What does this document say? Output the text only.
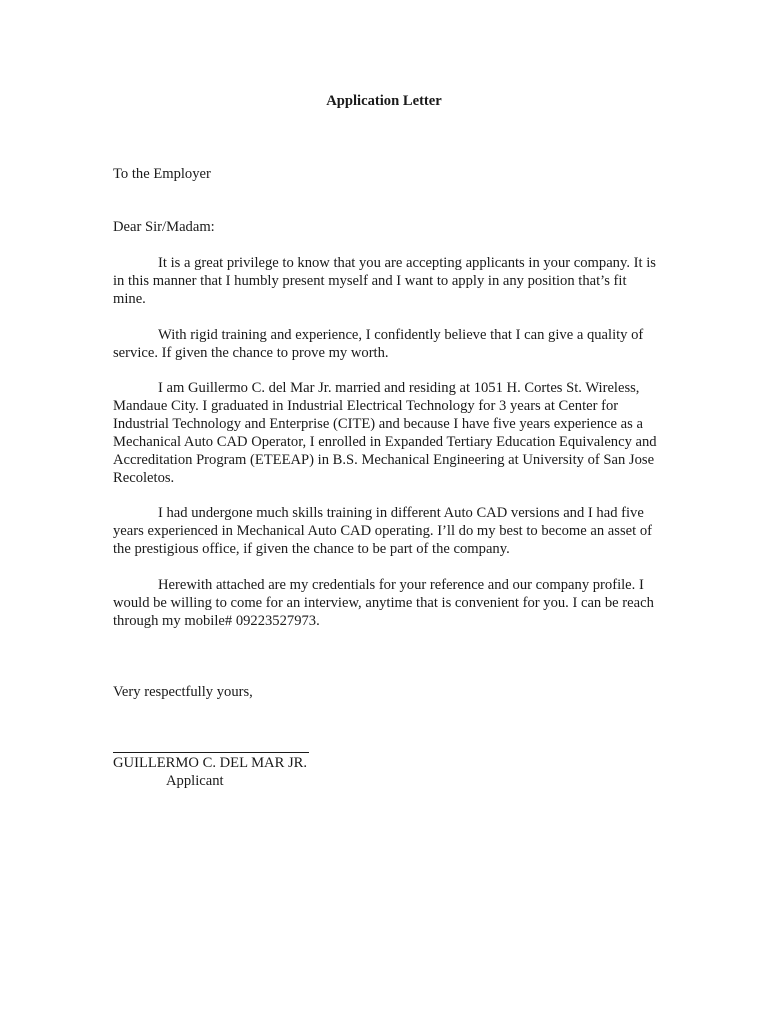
Application Letter
To the Employer
Dear Sir/Madam:
It is a great privilege to know that you are accepting applicants in your company. It is in this manner that I humbly present myself and I want to apply in any position that’s fit mine.
With rigid training and experience, I confidently believe that I can give a quality of service. If given the chance to prove my worth.
I am Guillermo C. del Mar Jr. married and residing at 1051 H. Cortes St. Wireless, Mandaue City. I graduated in Industrial Electrical Technology for 3 years at Center for Industrial Technology and Enterprise (CITE) and because I have five years experience as a Mechanical Auto CAD Operator, I enrolled in Expanded Tertiary Education Equivalency and Accreditation Program (ETEEAP) in B.S. Mechanical Engineering at University of San Jose Recoletos.
I had undergone much skills training in different Auto CAD versions and I had five years experienced in Mechanical Auto CAD operating. I’ll do my best to become an asset of the prestigious office, if given the chance to be part of the company.
Herewith attached are my credentials for your reference and our company profile. I would be willing to come for an interview, anytime that is convenient for you. I can be reach through my mobile# 09223527973.
Very respectfully yours,
GUILLERMO C. DEL MAR JR.
Applicant
